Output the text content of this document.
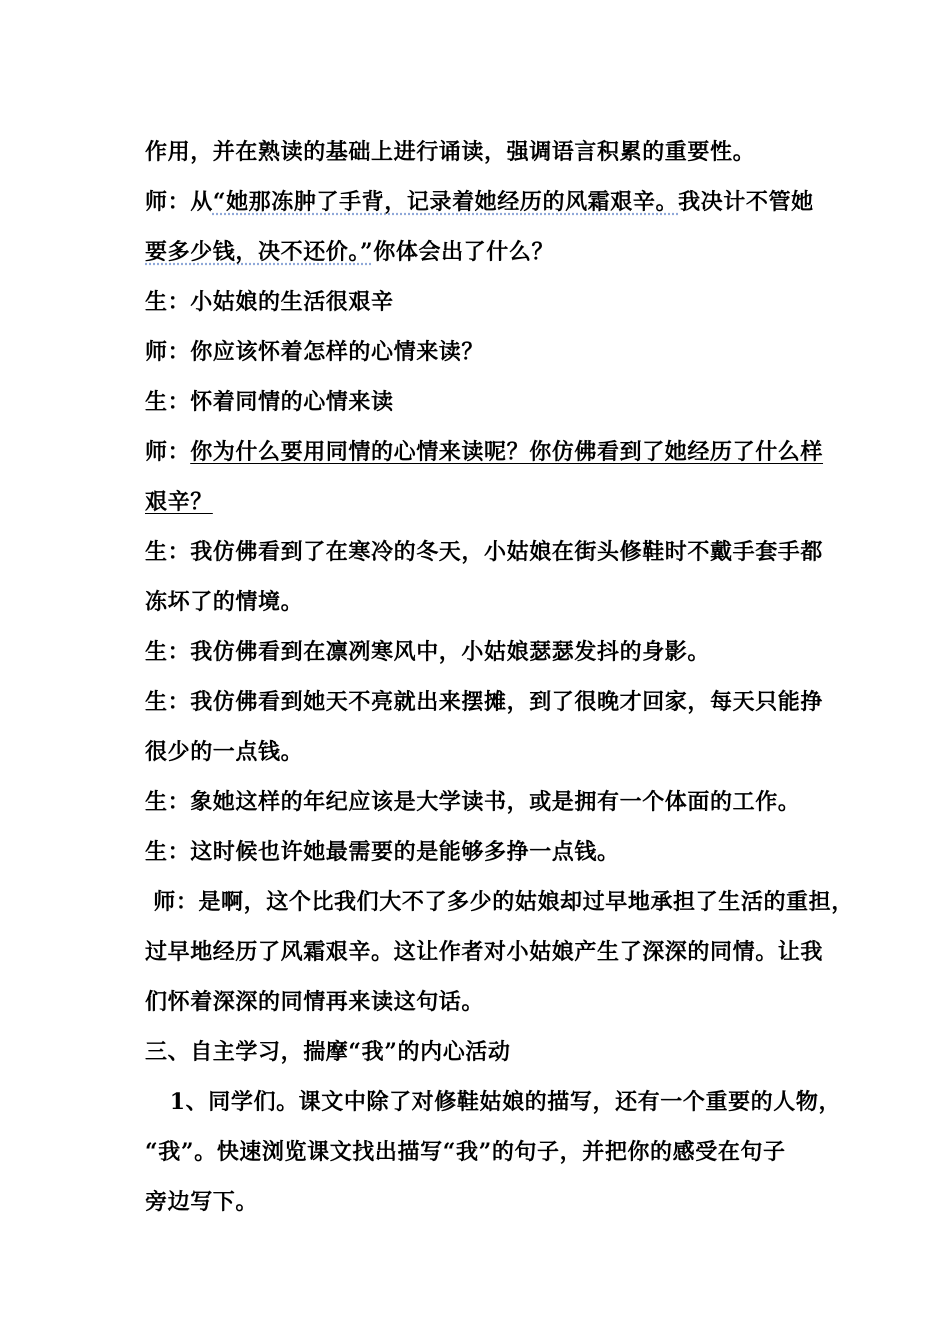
作用，并在熟读的基础上进行诵读，强调语言积累的重要性。
师：从“她那冻肿了手背，记录着她经历的风霜艰辛。我决计不管她
要多少钱，决不还价。”你体会出了什么？
生：小姑娘的生活很艰辛
师：你应该怀着怎样的心情来读？
生：怀着同情的心情来读
师：你为什么要用同情的心情来读呢？你仿佛看到了她经历了什么样
艰辛？
生：我仿佛看到了在寒冷的冬天，小姑娘在街头修鞋时不戴手套手都
冻坏了的情境。
生：我仿佛看到在凛冽寒风中，小姑娘瑟瑟发抖的身影。
生：我仿佛看到她天不亮就出来摆摊，到了很晚才回家，每天只能挣
很少的一点钱。
生：象她这样的年纪应该是大学读书，或是拥有一个体面的工作。
生：这时候也许她最需要的是能够多挣一点钱。
师：是啊，这个比我们大不了多少的姑娘却过早地承担了生活的重担，
过早地经历了风霜艰辛。这让作者对小姑娘产生了深深的同情。让我
们怀着深深的同情再来读这句话。
三、自主学习，揣摩“我”的内心活动
1、同学们。课文中除了对修鞋姑娘的描写，还有一个重要的人物，
“我”。快速浏览课文找出描写“我”的句子，并把你的感受在句子
旁边写下。
